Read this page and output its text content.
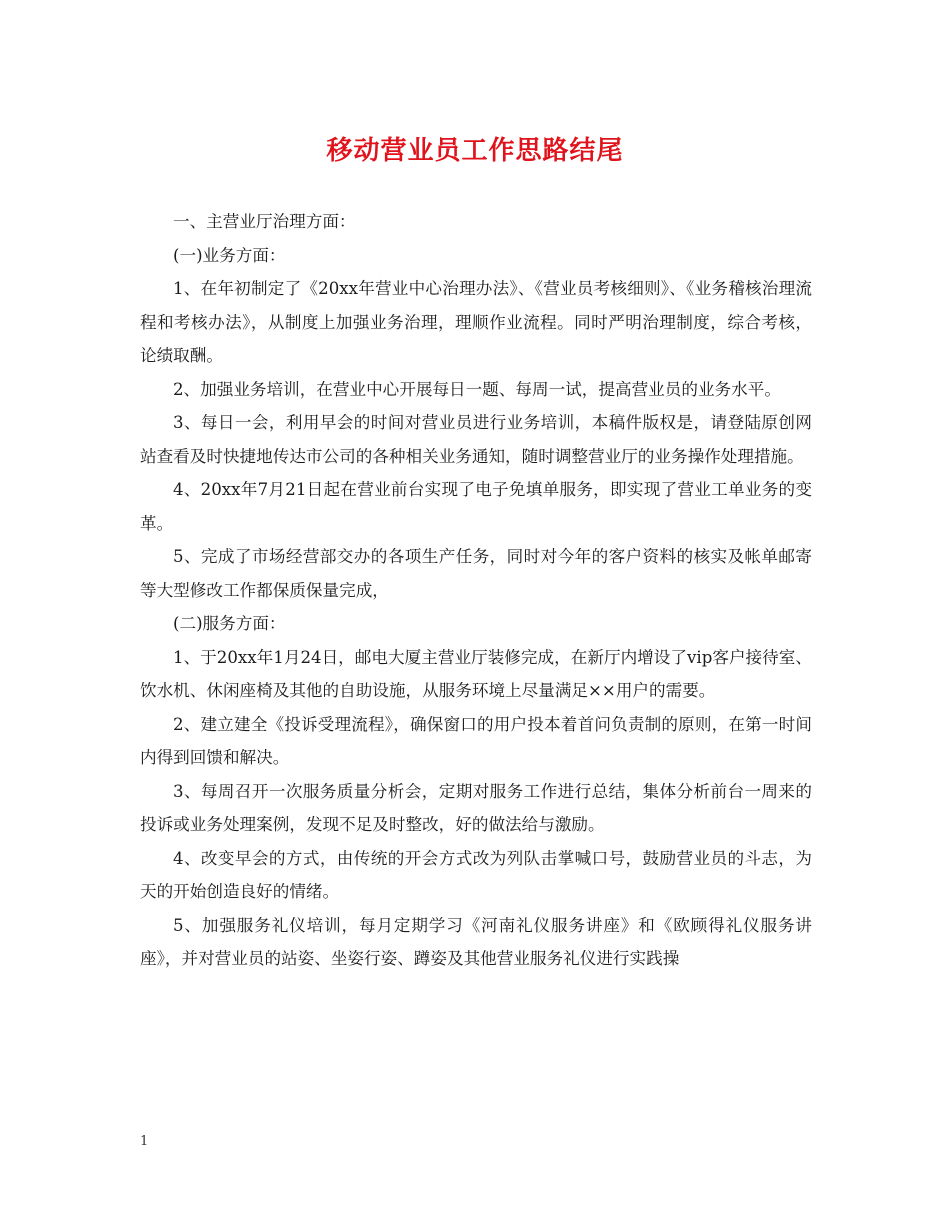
移动营业员工作思路结尾

一、主营业厅治理方面：

(一)业务方面：

1、在年初制定了《20xx年营业中心治理办法》、《营业员考核细则》、《业务稽核治理流程和考核办法》，从制度上加强业务治理，理顺作业流程。同时严明治理制度，综合考核，论绩取酬。

2、加强业务培训，在营业中心开展每日一题、每周一试，提高营业员的业务水平。

3、每日一会，利用早会的时间对营业员进行业务培训，本稿件版权是，请登陆原创网站查看及时快捷地传达市公司的各种相关业务通知，随时调整营业厅的业务操作处理措施。

4、20xx年7月21日起在营业前台实现了电子免填单服务，即实现了营业工单业务的变革。

5、完成了市场经营部交办的各项生产任务，同时对今年的客户资料的核实及帐单邮寄等大型修改工作都保质保量完成，

(二)服务方面：

1、于20xx年1月24日，邮电大厦主营业厅装修完成，在新厅内增设了vip客户接待室、饮水机、休闲座椅及其他的自助设施，从服务环境上尽量满足××用户的需要。

2、建立建全《投诉受理流程》，确保窗口的用户投本着首问负责制的原则，在第一时间内得到回馈和解决。

3、每周召开一次服务质量分析会，定期对服务工作进行总结，集体分析前台一周来的投诉或业务处理案例，发现不足及时整改，好的做法给与激励。

4、改变早会的方式，由传统的开会方式改为列队击掌喊口号，鼓励营业员的斗志，为天的开始创造良好的情绪。

5、加强服务礼仪培训，每月定期学习《河南礼仪服务讲座》和《欧顾得礼仪服务讲座》，并对营业员的站姿、坐姿行姿、蹲姿及其他营业服务礼仪进行实践操

1
